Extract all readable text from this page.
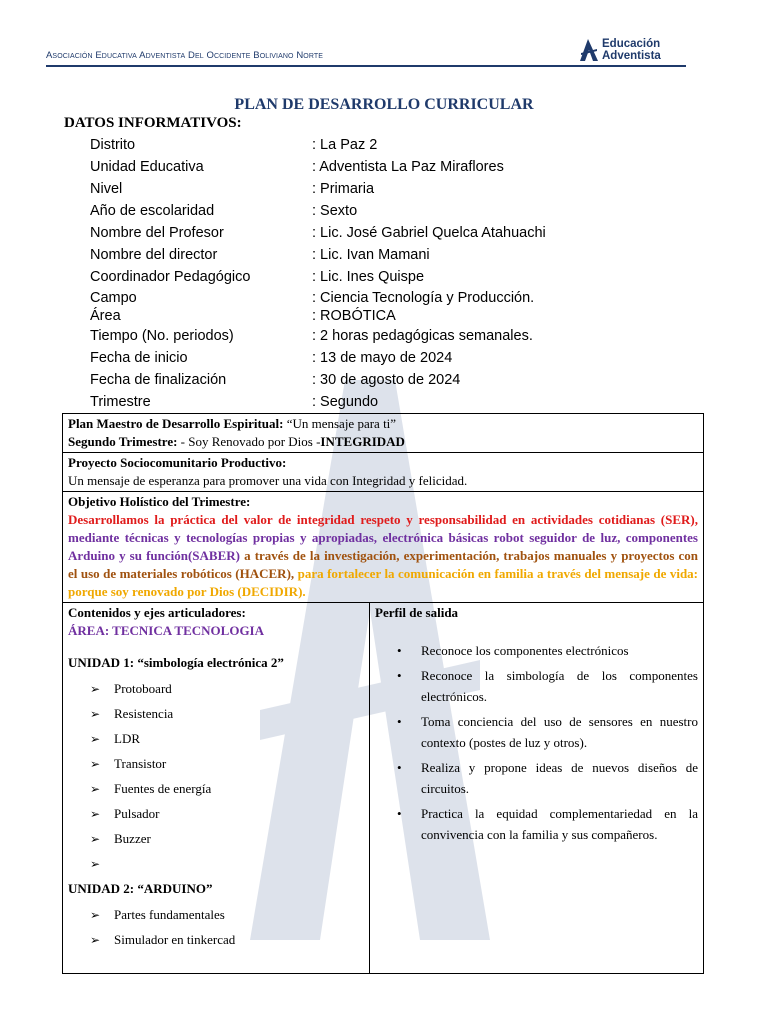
Asociación Educativa Adventista Del Occidente Boliviano Norte
Educación
Adventista
PLAN DE DESARROLLO CURRICULAR
DATOS INFORMATIVOS:
Distrito	: La Paz 2
Unidad Educativa	: Adventista La Paz Miraflores
Nivel	: Primaria
Año de escolaridad	: Sexto
Nombre del Profesor	: Lic. José Gabriel Quelca Atahuachi
Nombre del director	: Lic. Ivan Mamani
Coordinador Pedagógico	: Lic. Ines Quispe
Campo	: Ciencia Tecnología y Producción.
Área	: ROBÓTICA
Tiempo (No. periodos)	: 2 horas pedagógicas semanales.
Fecha de inicio	: 13 de mayo de 2024
Fecha de finalización	: 30 de agosto de 2024
Trimestre	: Segundo
Plan Maestro de Desarrollo Espiritual: “Un mensaje para ti”
Segundo Trimestre: - Soy Renovado por Dios -INTEGRIDAD

Proyecto Sociocomunitario Productivo:
Un mensaje de esperanza para promover una vida con Integridad y felicidad.

Objetivo Holístico del Trimestre:
Desarrollamos la práctica del valor de integridad respeto y responsabilidad en actividades cotidianas (SER), mediante técnicas y tecnologías propias y apropiadas, electrónica básicas robot seguidor de luz, componentes Arduino y su función(SABER) a través de la investigación, experimentación, trabajos manuales y proyectos con el uso de materiales robóticos (HACER), para fortalecer la comunicación en familia a través del mensaje de vida: porque soy renovado por Dios (DECIDIR).

Contenidos y ejes articuladores:
ÁREA: TECNICA TECNOLOGIA
UNIDAD 1: “simbología electrónica 2”
➢ Protoboard
➢ Resistencia
➢ LDR
➢ Transistor
➢ Fuentes de energía
➢ Pulsador
➢ Buzzer
➢
UNIDAD 2: “ARDUINO”
➢ Partes fundamentales
➢ Simulador en tinkercad

Perfil de salida
• Reconoce los componentes electrónicos
• Reconoce la simbología de los componentes electrónicos.
• Toma conciencia del uso de sensores en nuestro contexto (postes de luz y otros).
• Realiza y propone ideas de nuevos diseños de circuitos.
• Practica la equidad complementariedad en la convivencia con la familia y sus compañeros.
